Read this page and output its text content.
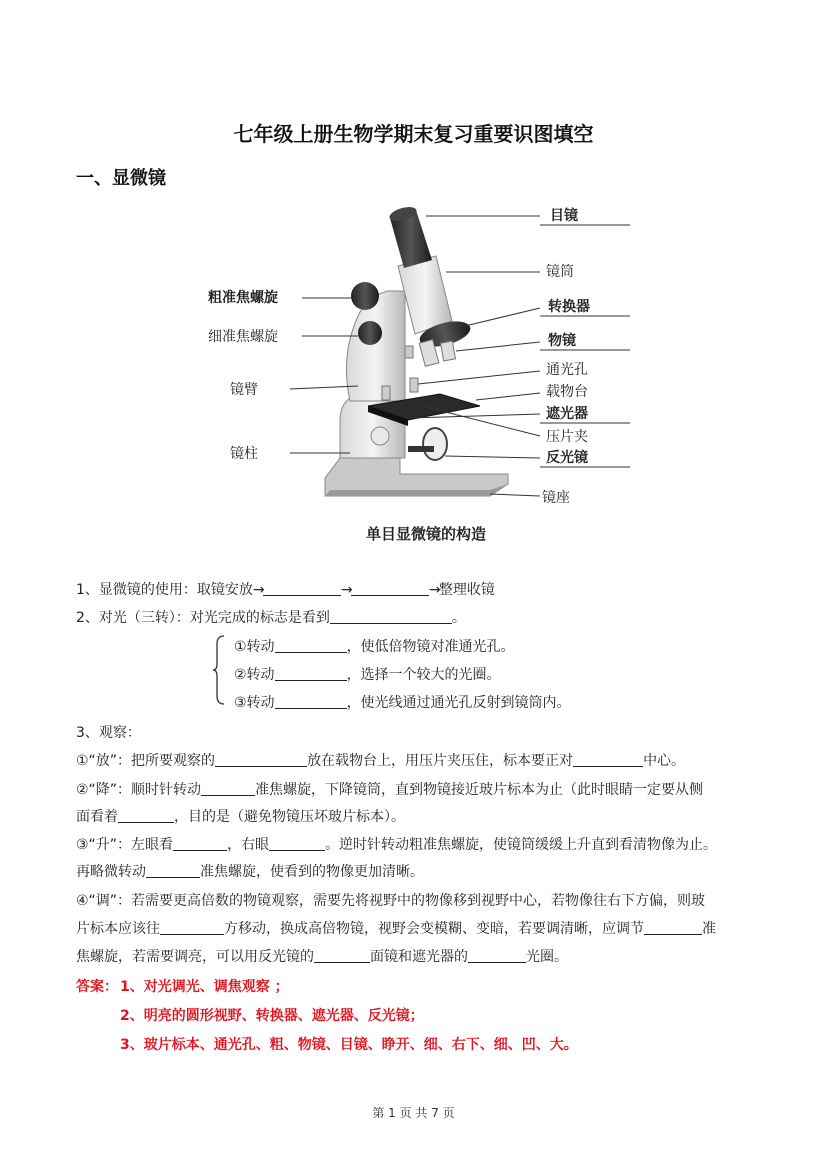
七年级上册生物学期末复习重要识图填空
一、显微镜
目镜
镜筒
转换器
物镜
通光孔
载物台
遮光器
压片夹
反光镜
镜座
粗准焦螺旋
细准焦螺旋
镜臂
镜柱
单目显微镜的构造
1、显微镜的使用：取镜安放→	→	→整理收镜
2、对光（三转）：对光完成的标志是看到	。
①转动	，使低倍物镜对准通光孔。
②转动	，选择一个较大的光圈。
③转动	，使光线通过通光孔反射到镜筒内。
3、观察：
①“放”：把所要观察的	放在载物台上，用压片夹压住，标本要正对	中心。
②“降”：顺时针转动	准焦螺旋，下降镜筒，直到物镜接近玻片标本为止（此时眼睛一定要从侧
面看着	，目的是（避免物镜压坏玻片标本）。
③“升”：左眼看	，右眼	。逆时针转动粗准焦螺旋，使镜筒缓缓上升直到看清物像为止。
再略微转动	准焦螺旋，使看到的物像更加清晰。
④“调”：若需要更高倍数的物镜观察，需要先将视野中的物像移到视野中心，若物像往右下方偏，则玻
片标本应该往	方移动，换成高倍物镜，视野会变模糊、变暗，若要调清晰，应调节	准
焦螺旋，若需要调亮，可以用反光镜的	面镜和遮光器的	光圈。
答案： 1、对光调光、调焦观察 ；
2、明亮的圆形视野、转换器、遮光器、反光镜；
3、玻片标本、通光孔、粗、物镜、目镜、睁开、细、右下、细、凹、大。
第 1 页 共 7 页
